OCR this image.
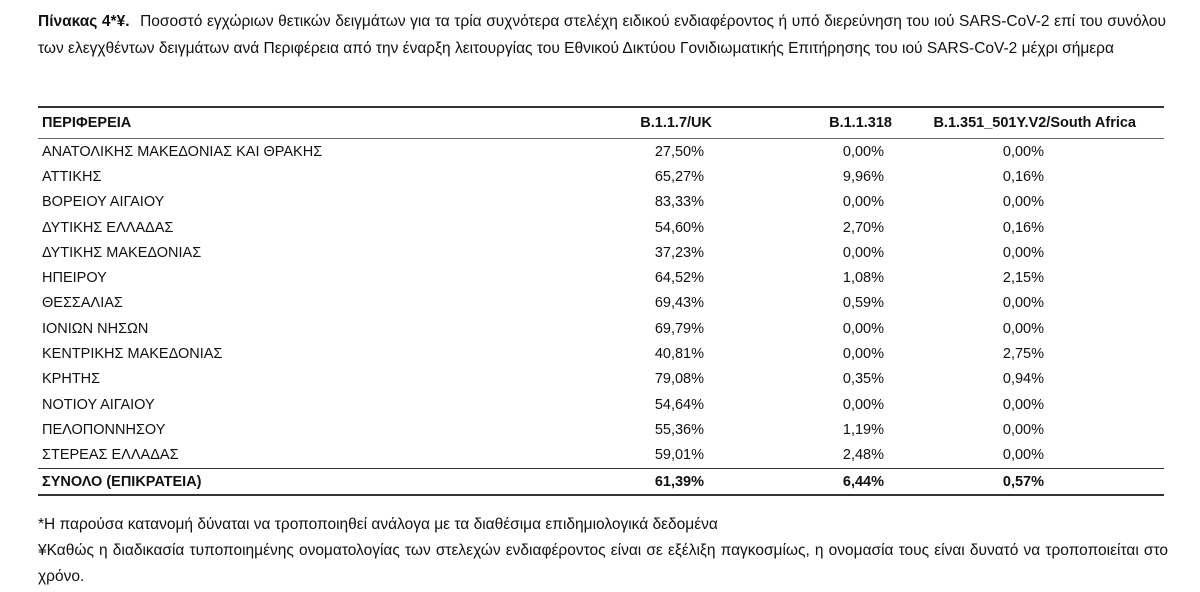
Πίνακας 4*¥. Ποσοστό εγχώριων θετικών δειγμάτων για τα τρία συχνότερα στελέχη ειδικού ενδιαφέροντος ή υπό διερεύνηση του ιού SARS-CoV-2 επί του συνόλου των ελεγχθέντων δειγμάτων ανά Περιφέρεια από την έναρξη λειτουργίας του Εθνικού Δικτύου Γονιδιωματικής Επιτήρησης του ιού SARS-CoV-2 μέχρι σήμερα
ΠΕΡΙΦΕΡΕΙΑ	B.1.1.7/UK	B.1.1.318	B.1.351_501Y.V2/South Africa
ΑΝΑΤΟΛΙΚΗΣ ΜΑΚΕΔΟΝΙΑΣ ΚΑΙ ΘΡΑΚΗΣ	27,50%	0,00%	0,00%
ΑΤΤΙΚΗΣ	65,27%	9,96%	0,16%
ΒΟΡΕΙΟΥ ΑΙΓΑΙΟΥ	83,33%	0,00%	0,00%
ΔΥΤΙΚΗΣ ΕΛΛΑΔΑΣ	54,60%	2,70%	0,16%
ΔΥΤΙΚΗΣ ΜΑΚΕΔΟΝΙΑΣ	37,23%	0,00%	0,00%
ΗΠΕΙΡΟΥ	64,52%	1,08%	2,15%
ΘΕΣΣΑΛΙΑΣ	69,43%	0,59%	0,00%
ΙΟΝΙΩΝ ΝΗΣΩΝ	69,79%	0,00%	0,00%
ΚΕΝΤΡΙΚΗΣ ΜΑΚΕΔΟΝΙΑΣ	40,81%	0,00%	2,75%
ΚΡΗΤΗΣ	79,08%	0,35%	0,94%
ΝΟΤΙΟΥ ΑΙΓΑΙΟΥ	54,64%	0,00%	0,00%
ΠΕΛΟΠΟΝΝΗΣΟΥ	55,36%	1,19%	0,00%
ΣΤΕΡΕΑΣ ΕΛΛΑΔΑΣ	59,01%	2,48%	0,00%
ΣΥΝΟΛΟ (ΕΠΙΚΡΑΤΕΙΑ)	61,39%	6,44%	0,57%

*Η παρούσα κατανομή δύναται να τροποποιηθεί ανάλογα με τα διαθέσιμα επιδημιολογικά δεδομένα

¥Καθώς η διαδικασία τυποποιημένης ονοματολογίας των στελεχών ενδιαφέροντος είναι σε εξέλιξη παγκοσμίως, η ονομασία τους είναι δυνατό να τροποποιείται στο χρόνο.
